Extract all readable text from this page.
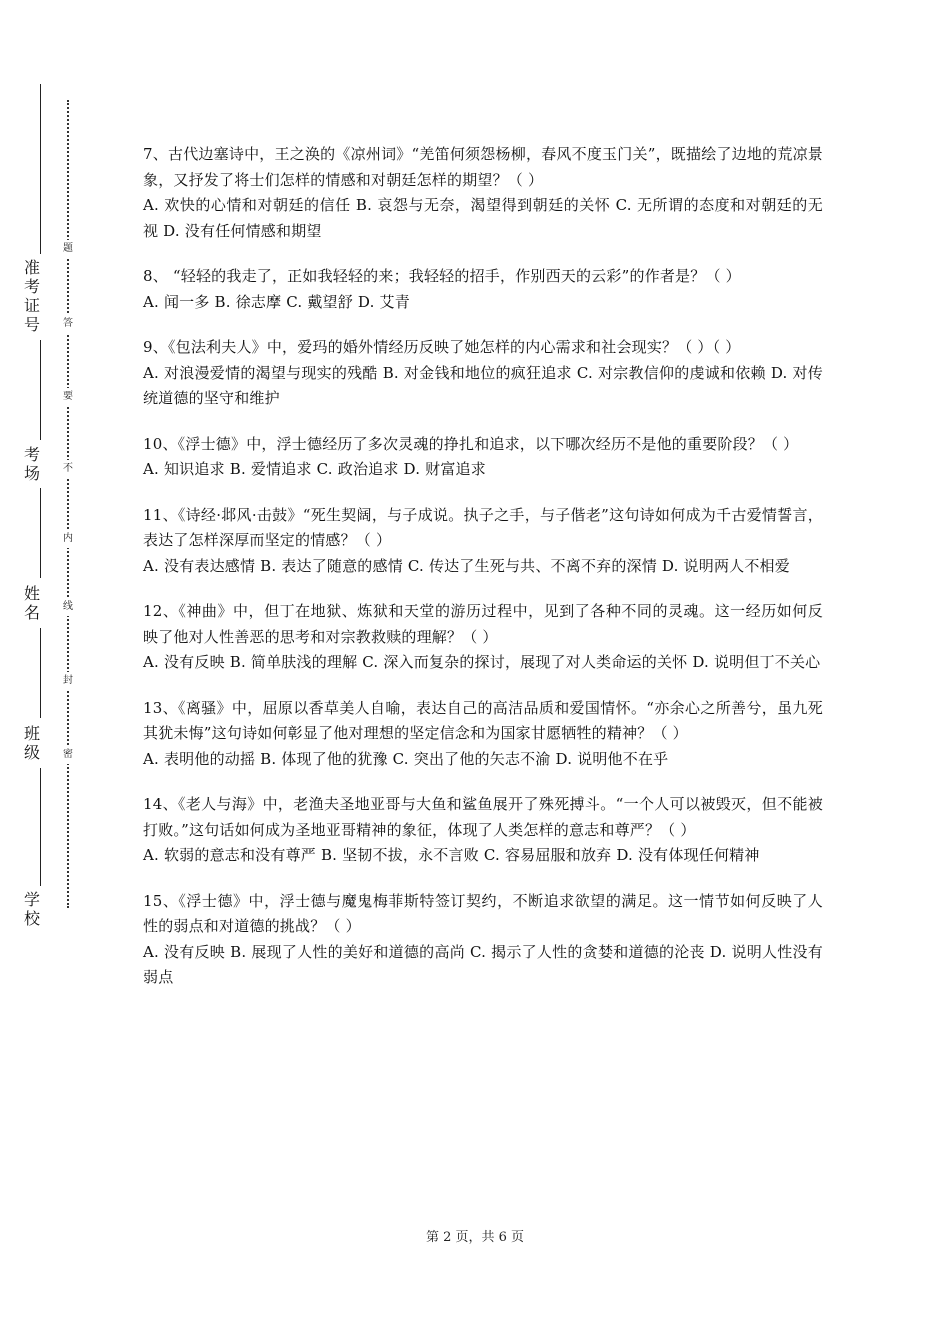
准考证号
考场
姓名
班级
学校
题
答
要
不
内
线
封
密

7、古代边塞诗中，王之涣的《凉州词》“羌笛何须怨杨柳，春风不度玉门关”，既描绘了边地的荒凉景象，又抒发了将士们怎样的情感和对朝廷怎样的期望？（ ）

A. 欢快的心情和对朝廷的信任 B. 哀怨与无奈，渴望得到朝廷的关怀 C. 无所谓的态度和对朝廷的无视 D. 没有任何情感和期望

8、 “轻轻的我走了，正如我轻轻的来；我轻轻的招手，作别西天的云彩”的作者是？（ ）

A. 闻一多 B. 徐志摩 C. 戴望舒 D. 艾青

9、《包法利夫人》中，爱玛的婚外情经历反映了她怎样的内心需求和社会现实？（ ）（ ）

A. 对浪漫爱情的渴望与现实的残酷 B. 对金钱和地位的疯狂追求 C. 对宗教信仰的虔诚和依赖 D. 对传统道德的坚守和维护

10、《浮士德》中，浮士德经历了多次灵魂的挣扎和追求，以下哪次经历不是他的重要阶段？（ ）

A. 知识追求 B. 爱情追求 C. 政治追求 D. 财富追求

11、《诗经·邶风·击鼓》“死生契阔，与子成说。执子之手，与子偕老”这句诗如何成为千古爱情誓言，表达了怎样深厚而坚定的情感？（ ）

A. 没有表达感情 B. 表达了随意的感情 C. 传达了生死与共、不离不弃的深情 D. 说明两人不相爱

12、《神曲》中，但丁在地狱、炼狱和天堂的游历过程中，见到了各种不同的灵魂。这一经历如何反映了他对人性善恶的思考和对宗教救赎的理解？（ ）

A. 没有反映 B. 简单肤浅的理解 C. 深入而复杂的探讨，展现了对人类命运的关怀 D. 说明但丁不关心

13、《离骚》中，屈原以香草美人自喻，表达自己的高洁品质和爱国情怀。“亦余心之所善兮，虽九死其犹未悔”这句诗如何彰显了他对理想的坚定信念和为国家甘愿牺牲的精神？（ ）

A. 表明他的动摇 B. 体现了他的犹豫 C. 突出了他的矢志不渝 D. 说明他不在乎

14、《老人与海》中，老渔夫圣地亚哥与大鱼和鲨鱼展开了殊死搏斗。“一个人可以被毁灭，但不能被打败。”这句话如何成为圣地亚哥精神的象征，体现了人类怎样的意志和尊严？（ ）

A. 软弱的意志和没有尊严 B. 坚韧不拔，永不言败 C. 容易屈服和放弃 D. 没有体现任何精神

15、《浮士德》中，浮士德与魔鬼梅菲斯特签订契约，不断追求欲望的满足。这一情节如何反映了人性的弱点和对道德的挑战？（ ）

A. 没有反映 B. 展现了人性的美好和道德的高尚 C. 揭示了人性的贪婪和道德的沦丧 D. 说明人性没有弱点

第 2 页，共 6 页
